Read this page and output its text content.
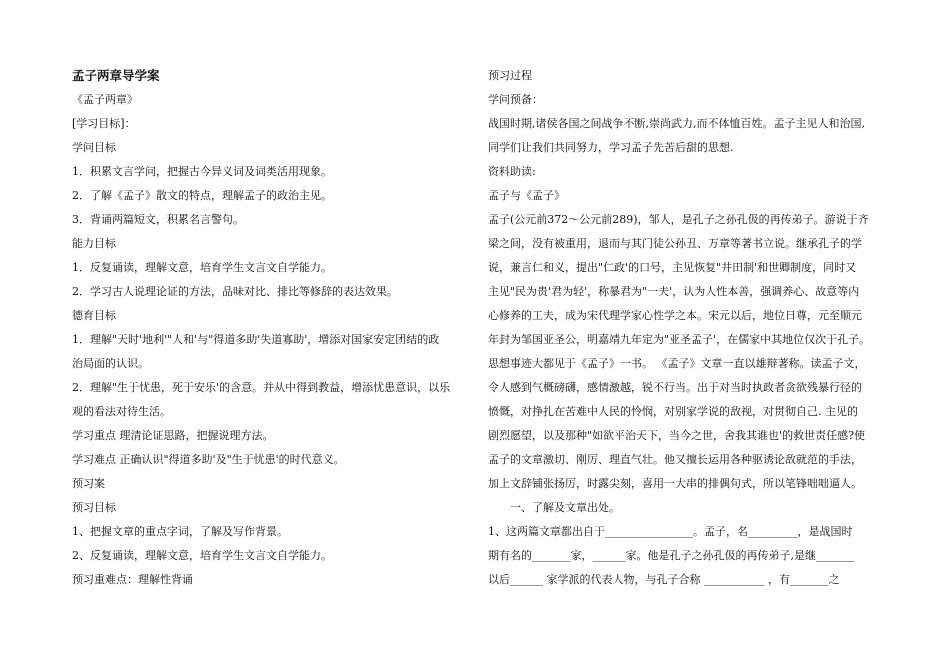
孟子两章导学案
《孟子两章》
[学习目标]：
学问目标
1．积累文言学问，把握古今异义词及词类活用现象。
2．了解《孟子》散文的特点，理解孟子的政治主见。
3．背诵两篇短文，积累名言警句。
能力目标
1．反复诵读，理解文意，培育学生文言文自学能力。
2．学习古人说理论证的方法，品味对比、排比等修辞的表达效果。
德育目标
1．理解"天时'地利'"人和'与"得道多助'失道寡助'，增添对国家安定团结的政
治局面的认识。
2．理解"生于忧患，死于安乐'的含意。并从中得到教益，增添忧患意识，以乐
观的看法对待生活。
学习重点 理清论证思路，把握说理方法。
学习难点 正确认识"得道多助'及"生于忧患'的时代意义。
预习案
预习目标
1、把握文章的重点字词，了解及写作背景。
2、反复诵读，理解文意，培育学生文言文自学能力。
预习重难点：理解性背诵
预习过程
学问预备：
战国时期,诸侯各国之间战争不断,崇尚武力,而不体恤百姓。孟子主见人和治国,
同学们让我们共同努力，学习孟子先苦后甜的思想.
资料助读:
孟子与《孟子》
孟子(公元前372～公元前289)，邹人，是孔子之孙孔伋的再传弟子。游说于齐
梁之间，没有被重用，退而与其门徒公孙丑、万章等著书立说。继承孔子的学
说，兼言仁和义，提出"仁政'的口号，主见恢复"井田制'和世卿制度，同时又
主见"民为贵'君为轻'，称暴君为"一夫'，认为人性本善，强调养心、故意等内
心修养的工夫，成为宋代理学家心性学之本。宋元以后，地位日尊，元至顺元
年封为邹国亚圣公，明嘉靖九年定为"亚圣孟子'，在儒家中其地位仅次于孔子。
思想事迹大都见于《孟子》一书。 《孟子》文章一直以雄辩著称。读孟子文，
令人感到气概磅礴，感情激越，锐不行当。出于对当时执政者贪欲残暴行径的
愤慨，对挣扎在苦难中人民的怜悯，对别家学说的敌视，对贯彻自己. 主见的
剧烈愿望，以及那种"如欲平治天下，当今之世，舍我其谁也'的救世责任感?使
孟子的文章激切、刚厉、理直气壮。他又擅长运用各种驱诱论敌就范的手法，
加上文辞铺张扬厉，时露尖刻，喜用一大串的排偶句式，所以笔锋咄咄逼人。
一、了解及文章出处。
1、这两篇文章都出自于________________。孟子，名_________，是战国时
期有名的_______家，______家。他是孔子之孙孔伋的再传弟子,是继_______
以后______ 家学派的代表人物，与孔子合称 ___________ ，有_______之
